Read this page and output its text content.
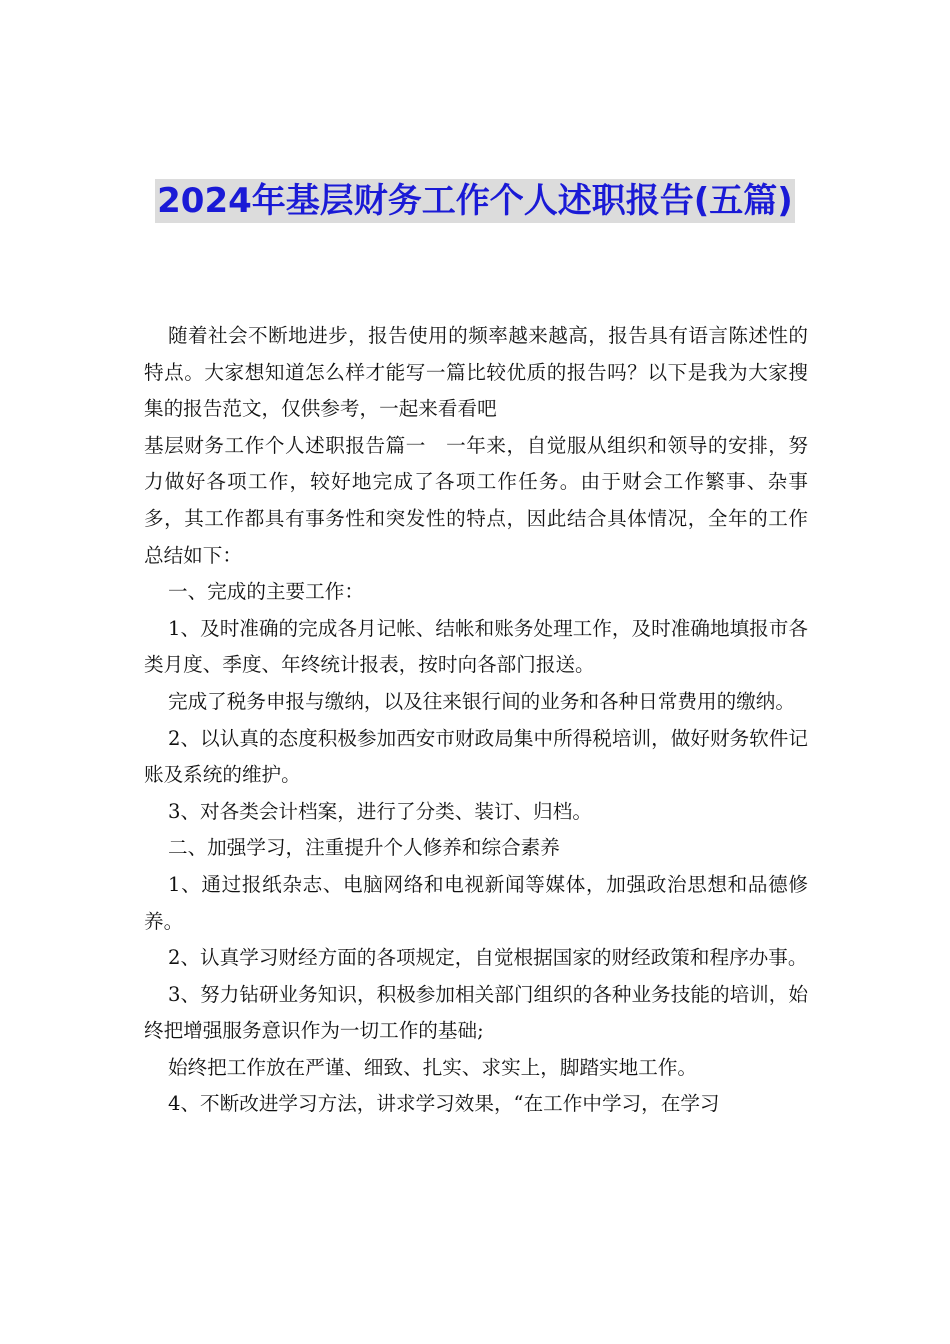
2024年基层财务工作个人述职报告(五篇)

随着社会不断地进步，报告使用的频率越来越高，报告具有语言陈述性的特点。大家想知道怎么样才能写一篇比较优质的报告吗？以下是我为大家搜集的报告范文，仅供参考，一起来看看吧

基层财务工作个人述职报告篇一　一年来，自觉服从组织和领导的安排，努力做好各项工作，较好地完成了各项工作任务。由于财会工作繁事、杂事多，其工作都具有事务性和突发性的特点，因此结合具体情况，全年的工作总结如下：

一、完成的主要工作：

1、及时准确的完成各月记帐、结帐和账务处理工作，及时准确地填报市各类月度、季度、年终统计报表，按时向各部门报送。

完成了税务申报与缴纳，以及往来银行间的业务和各种日常费用的缴纳。

2、以认真的态度积极参加西安市财政局集中所得税培训，做好财务软件记账及系统的维护。

3、对各类会计档案，进行了分类、装订、归档。

二、加强学习，注重提升个人修养和综合素养

1、通过报纸杂志、电脑网络和电视新闻等媒体，加强政治思想和品德修养。

2、认真学习财经方面的各项规定，自觉根据国家的财经政策和程序办事。

3、努力钻研业务知识，积极参加相关部门组织的各种业务技能的培训，始终把增强服务意识作为一切工作的基础;

始终把工作放在严谨、细致、扎实、求实上，脚踏实地工作。

4、不断改进学习方法，讲求学习效果，“在工作中学习，在学习
